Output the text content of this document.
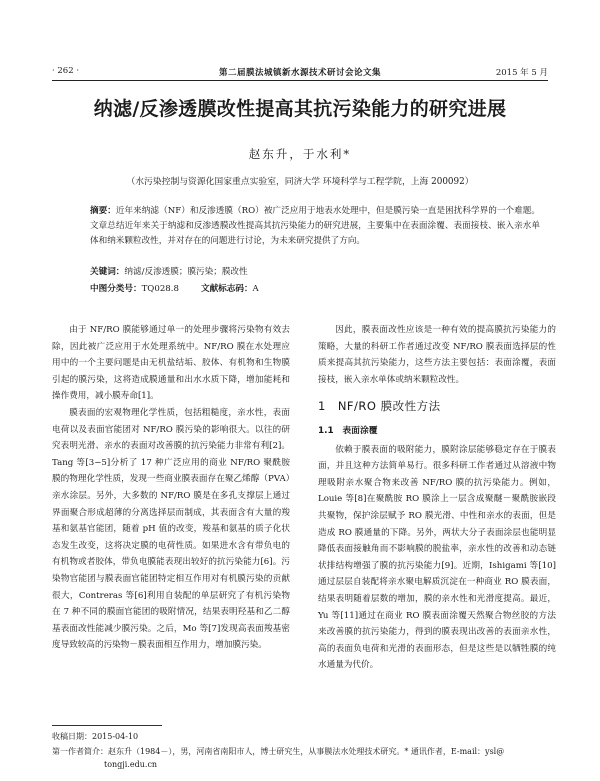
· 262 ·	第二届膜法城镇新水源技术研讨会论文集	2015 年 5 月
纳滤/反渗透膜改性提高其抗污染能力的研究进展
赵东升，于水利*
（水污染控制与资源化国家重点实验室，同济大学 环境科学与工程学院，上海 200092）
摘要：近年来纳滤（NF）和反渗透膜（RO）被广泛应用于地表水处理中，但是膜污染一直是困扰科学界的一个难题。文章总结近年来关于纳滤和反渗透膜改性提高其抗污染能力的研究进展，主要集中在表面涂覆、表面接枝、嵌入亲水单体和纳米颗粒改性，并对存在的问题进行讨论，为未来研究提供了方向。
关键词：纳滤/反渗透膜；膜污染；膜改性
中图分类号：TQ028.8	文献标志码：A

由于 NF/RO 膜能够通过单一的处理步骤将污染物有效去除，因此被广泛应用于水处理系统中。NF/RO 膜在水处理应用中的一个主要问题是由无机盐结垢、胶体、有机物和生物膜引起的膜污染，这将造成膜通量和出水水质下降，增加能耗和操作费用，减小膜寿命[1]。

膜表面的宏观物理化学性质，包括粗糙度，亲水性，表面电荷以及表面官能团对 NF/RO 膜污染的影响很大。以往的研究表明光滑、亲水的表面对改善膜的抗污染能力非常有利[2]。Tang 等[3−5]分析了 17 种广泛应用的商业 NF/RO 聚酰胺膜的物理化学性质，发现一些商业膜表面存在聚乙烯醇（PVA）亲水涂层。另外，大多数的 NF/RO 膜是在多孔支撑层上通过界面聚合形成超薄的分离选择层而制成，其表面含有大量的羧基和氨基官能团，随着 pH 值的改变，羧基和氨基的质子化状态发生改变，这将决定膜的电荷性质。如果进水含有带负电的有机物或者胶体，带负电膜能表现出较好的抗污染能力[6]。污染物官能团与膜表面官能团特定相互作用对有机膜污染的贡献很大，Contreras 等[6]利用自装配的单层研究了有机污染物在 7 种不同的膜面官能团的吸附情况，结果表明羟基和乙二醇基表面改性能减少膜污染。之后，Mo 等[7]发现高表面羧基密度导致较高的污染物－膜表面相互作用力，增加膜污染。

因此，膜表面改性应该是一种有效的提高膜抗污染能力的策略，大量的科研工作者通过改变 NF/RO 膜表面选择层的性质来提高其抗污染能力，这些方法主要包括：表面涂覆，表面接枝，嵌入亲水单体或纳米颗粒改性。

1　NF/RO 膜改性方法
1.1　表面涂覆

依赖于膜表面的吸附能力，膜附涂层能够稳定存在于膜表面，并且这种方法简单易行。很多科研工作者通过从溶液中物理吸附亲水聚合物来改善 NF/RO 膜的抗污染能力。例如，Louie 等[8]在聚酰胺 RO 膜涂上一层含成聚醚－聚酰胺嵌段共聚物，保护涂层赋予 RO 膜光滑、中性和亲水的表面，但是造成 RO 膜通量的下降。另外，两状大分子表面涂层也能明显降低表面接触角而不影响膜的脱盐率，亲水性的改善和动态链状排结构增强了膜的抗污染能力[9]。近期，Ishigami 等[10]通过层层自装配将亲水聚电解质沉淀在一种商业 RO 膜表面，结果表明随着层数的增加，膜的亲水性和光滑度提高。最近，Yu 等[11]通过在商业 RO 膜表面涂覆天然聚合物丝胶的方法来改善膜的抗污染能力，得到的膜表现出改善的表面亲水性，高的表面负电荷和光滑的表面形态，但是这些是以牺牲膜的纯水通量为代价。

收稿日期：2015-04-10
第一作者简介：赵东升（1984－），男，河南省南阳市人，博士研究生，从事膜法水处理技术研究。* 通讯作者，E-mail：ysl@
tongji.edu.cn
